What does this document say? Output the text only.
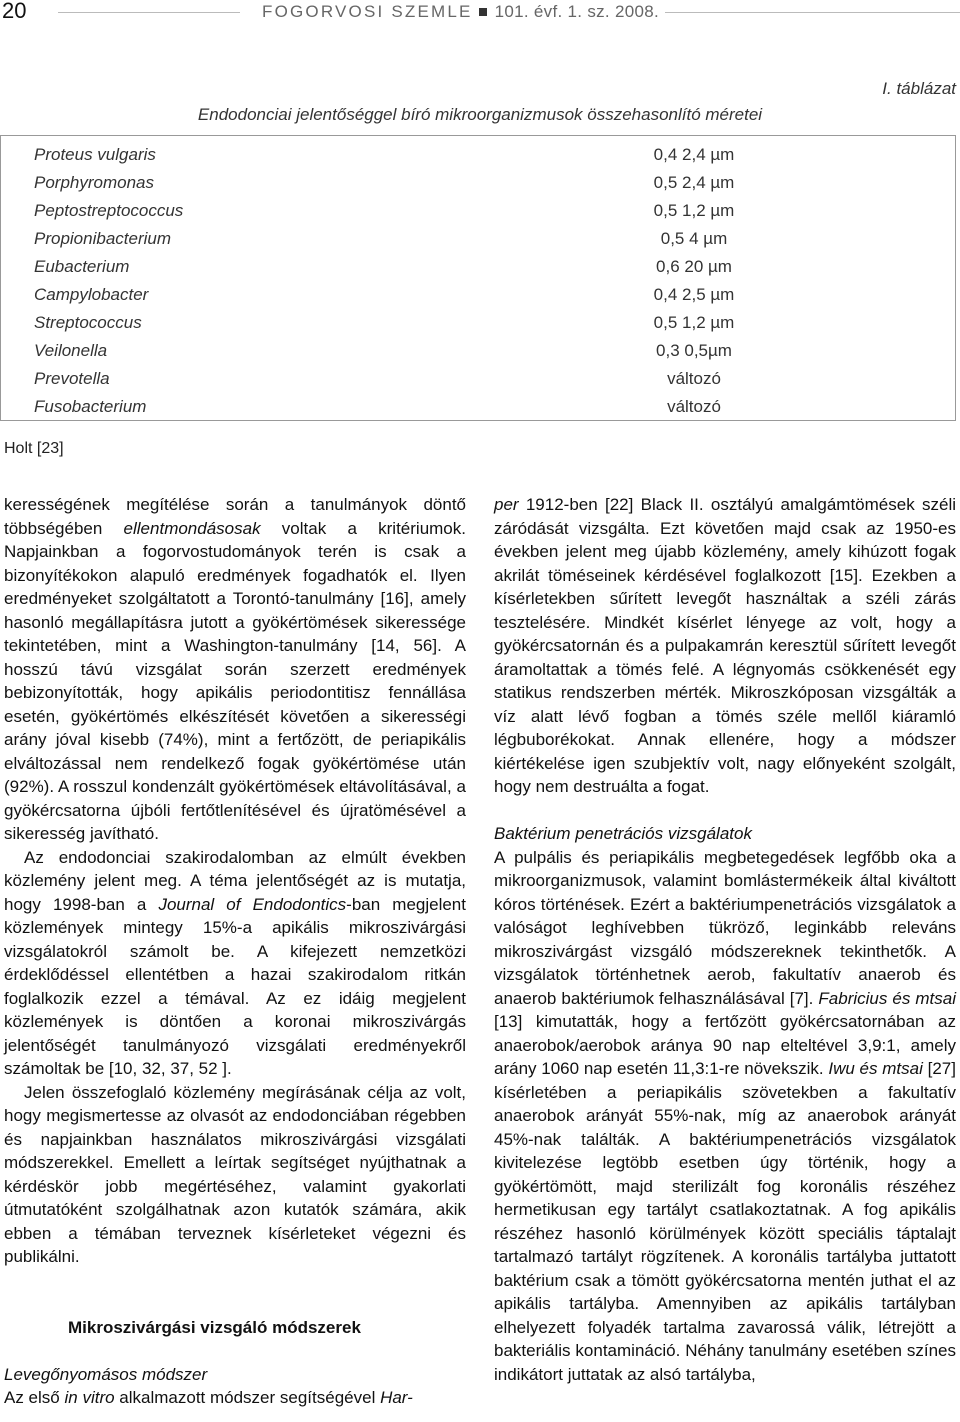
20	FOGORVOSI SZEMLE 101. évf. 1. sz. 2008.
I. táblázat
Endodonciai jelentőséggel bíró mikroorganizmusok összehasonlító méretei
Proteus vulgaris	0,4 2,4 µm
Porphyromonas	0,5 2,4 µm
Peptostreptococcus	0,5 1,2 µm
Propionibacterium	0,5 4 µm
Eubacterium	0,6 20 µm
Campylobacter	0,4 2,5 µm
Streptococcus	0,5 1,2 µm
Veilonella	0,3 0,5µm
Prevotella	változó
Fusobacterium	változó
Holt [23]

kerességének megítélése során a tanulmányok döntő többségében ellentmondásosak voltak a kritériumok. Napjainkban a fogorvostudományok terén is csak a bizonyítékokon alapuló eredmények fogadhatók el. Ilyen eredményeket szolgáltatott a Torontó-tanulmány [16], amely hasonló megállapításra jutott a gyökértömések sikeressége tekintetében, mint a Washington-tanulmány [14, 56]. A hosszú távú vizsgálat során szerzett eredmények bebizonyították, hogy apikális periodontitisz fennállása esetén, gyökértömés elkészítését követően a sikerességi arány jóval kisebb (74%), mint a fertőzött, de periapikális elváltozással nem rendelkező fogak gyökértömése után (92%). A rosszul kondenzált gyökértömések eltávolításával, a gyökércsatorna újbóli fertőtlenítésével és újratömésével a sikeresség javítható.

Az endodonciai szakirodalomban az elmúlt években közlemény jelent meg. A téma jelentőségét az is mutatja, hogy 1998-ban a Journal of Endodontics-ban megjelent közlemények mintegy 15%-a apikális mikroszivárgási vizsgálatokról számolt be. A kifejezett nemzetközi érdeklődéssel ellentétben a hazai szakirodalom ritkán foglalkozik ezzel a témával. Az ez idáig megjelent közlemények is döntően a koronai mikroszivárgás jelentőségét tanulmányozó vizsgálati eredményekről számoltak be [10, 32, 37, 52 ].

Jelen összefoglaló közlemény megírásának célja az volt, hogy megismertesse az olvasót az endodonciában régebben és napjainkban használatos mikroszivárgási vizsgálati módszerekkel. Emellett a leírtak segítséget nyújthatnak a kérdéskör jobb megértéséhez, valamint gyakorlati útmutatóként szolgálhatnak azon kutatók számára, akik ebben a témában terveznek kísérleteket végezni és publikálni.

Mikroszivárgási vizsgáló módszerek

Levegőnyomásos módszer

Az első in vitro alkalmazott módszer segítségével Har-

per 1912-ben [22] Black II. osztályú amalgámtömések széli záródását vizsgálta. Ezt követően majd csak az 1950-es években jelent meg újabb közlemény, amely kihúzott fogak akrilát töméseinek kérdésével foglalkozott [15]. Ezekben a kísérletekben sűrített levegőt használtak a széli zárás tesztelésére. Mindkét kísérlet lényege az volt, hogy a gyökércsatornán és a pulpakamrán keresztül sűrített levegőt áramoltattak a tömés felé. A légnyomás csökkenését egy statikus rendszerben mérték. Mikroszkóposan vizsgálták a víz alatt lévő fogban a tömés széle mellől kiáramló légbuborékokat. Annak ellenére, hogy a módszer kiértékelése igen szubjektív volt, nagy előnyeként szolgált, hogy nem destruálta a fogat.

Baktérium penetrációs vizsgálatok

A pulpális és periapikális megbetegedések legfőbb oka a mikroorganizmusok, valamint bomlástermékeik által kiváltott kóros történések. Ezért a baktériumpenetrációs vizsgálatok a valóságot leghívebben tükröző, leginkább releváns mikroszivárgást vizsgáló módszereknek tekinthetők. A vizsgálatok történhetnek aerob, fakultatív anaerob és anaerob baktériumok felhasználásával [7]. Fabricius és mtsai [13] kimutatták, hogy a fertőzött gyökércsatornában az anaerobok/aerobok aránya 90 nap elteltével 3,9:1, amely arány 1060 nap esetén 11,3:1-re növekszik. Iwu és mtsai [27] kísérletében a periapikális szövetekben a fakultatív anaerobok arányát 55%-nak, míg az anaerobok arányát 45%-nak találták. A baktériumpenetrációs vizsgálatok kivitelezése legtöbb esetben úgy történik, hogy a gyökértömött, majd sterilizált fog koronális részéhez hermetikusan egy tartályt csatlakoztatnak. A fog apikális részéhez hasonló körülmények között speciális táptalajt tartalmazó tartályt rögzítenek. A koronális tartályba juttatott baktérium csak a tömött gyökércsatorna mentén juthat el az apikális tartályba. Amennyiben az apikális tartályban elhelyezett folyadék tartalma zavarossá válik, létrejött a bakteriális kontamináció. Néhány tanulmány esetében színes indikátort juttatak az alsó tartályba,
